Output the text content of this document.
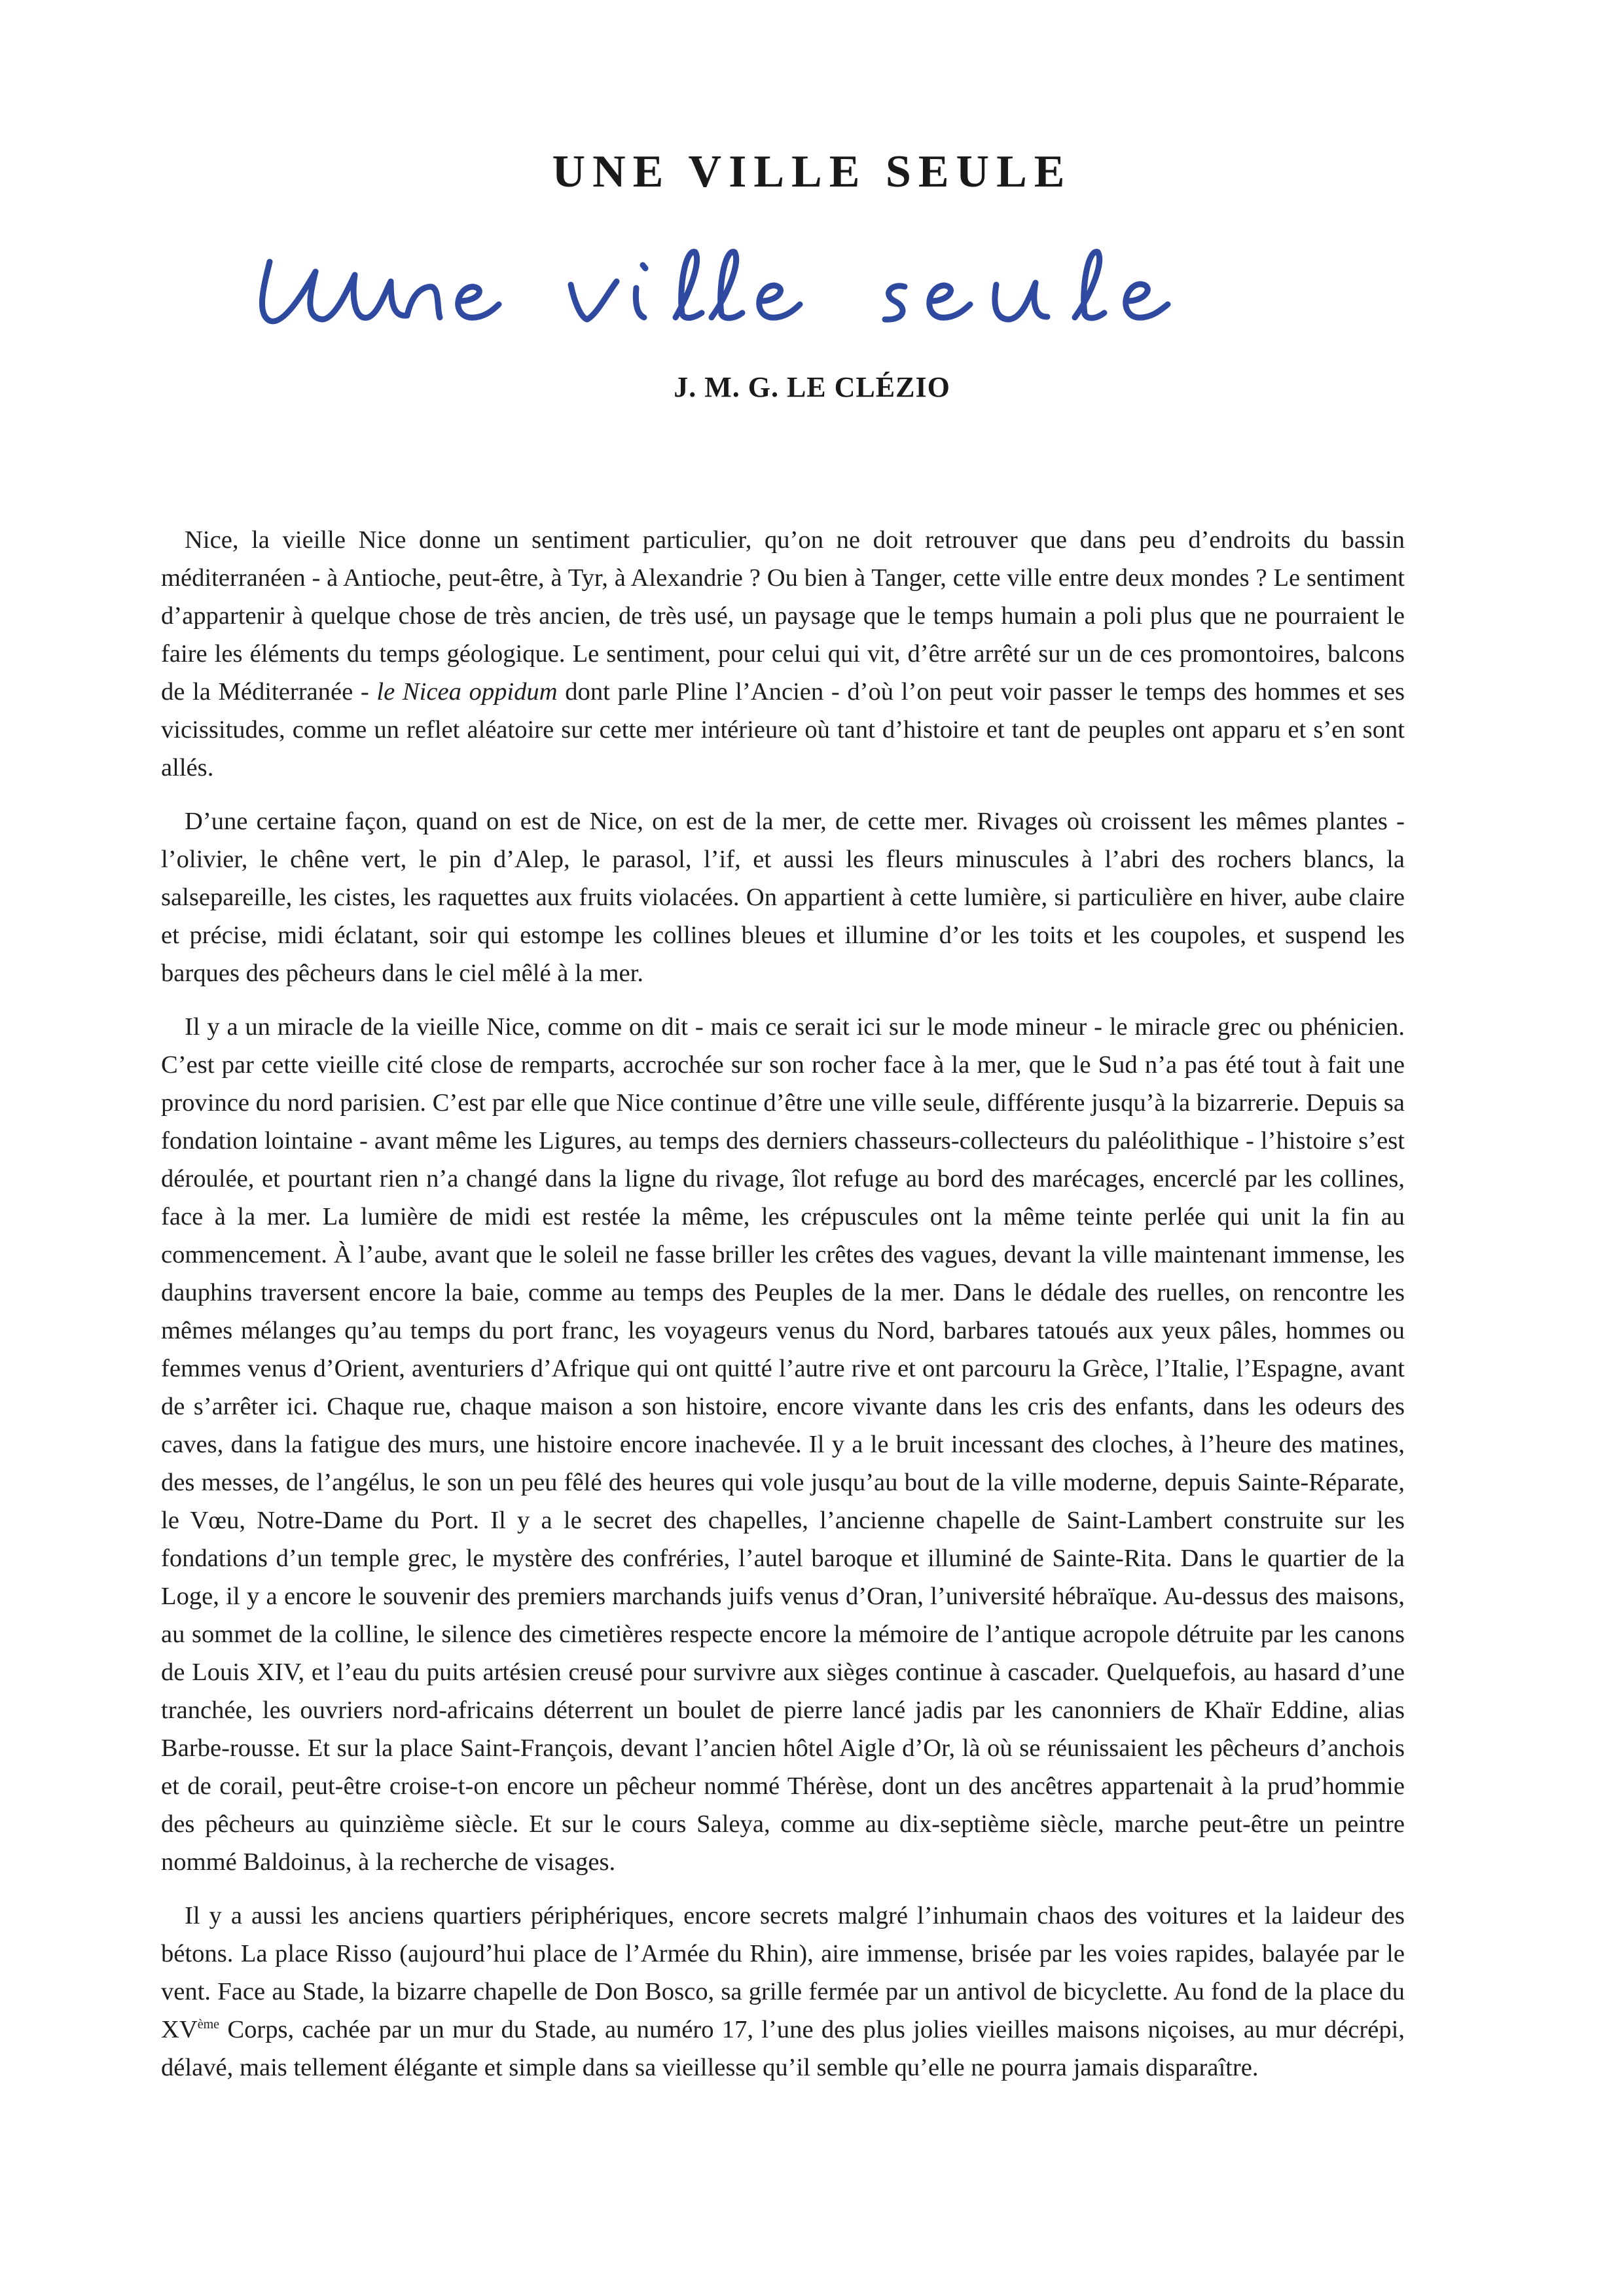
UNE VILLE SEULE
J. M. G. LE CLÉZIO

Nice, la vieille Nice donne un sentiment particulier, qu’on ne doit retrouver que dans peu d’endroits du bassin méditerranéen - à Antioche, peut-être, à Tyr, à Alexandrie ? Ou bien à Tanger, cette ville entre deux mondes ? Le sentiment d’appartenir à quelque chose de très ancien, de très usé, un paysage que le temps humain a poli plus que ne pourraient le faire les éléments du temps géologique. Le sentiment, pour celui qui vit, d’être arrêté sur un de ces promontoires, balcons de la Méditerranée - le Nicea oppidum dont parle Pline l’Ancien - d’où l’on peut voir passer le temps des hommes et ses vicissitudes, comme un reflet aléatoire sur cette mer intérieure où tant d’histoire et tant de peuples ont apparu et s’en sont allés.

D’une certaine façon, quand on est de Nice, on est de la mer, de cette mer. Rivages où croissent les mêmes plantes - l’olivier, le chêne vert, le pin d’Alep, le parasol, l’if, et aussi les fleurs minuscules à l’abri des rochers blancs, la salsepareille, les cistes, les raquettes aux fruits violacées. On appartient à cette lumière, si particulière en hiver, aube claire et précise, midi éclatant, soir qui estompe les collines bleues et illumine d’or les toits et les coupoles, et suspend les barques des pêcheurs dans le ciel mêlé à la mer.

Il y a un miracle de la vieille Nice, comme on dit - mais ce serait ici sur le mode mineur - le miracle grec ou phénicien. C’est par cette vieille cité close de remparts, accrochée sur son rocher face à la mer, que le Sud n’a pas été tout à fait une province du nord parisien. C’est par elle que Nice continue d’être une ville seule, différente jusqu’à la bizarrerie. Depuis sa fondation lointaine - avant même les Ligures, au temps des derniers chasseurs-collecteurs du paléolithique - l’histoire s’est déroulée, et pourtant rien n’a changé dans la ligne du rivage, îlot refuge au bord des marécages, encerclé par les collines, face à la mer. La lumière de midi est restée la même, les crépuscules ont la même teinte perlée qui unit la fin au commencement. À l’aube, avant que le soleil ne fasse briller les crêtes des vagues, devant la ville maintenant immense, les dauphins traversent encore la baie, comme au temps des Peuples de la mer. Dans le dédale des ruelles, on rencontre les mêmes mélanges qu’au temps du port franc, les voyageurs venus du Nord, barbares tatoués aux yeux pâles, hommes ou femmes venus d’Orient, aventuriers d’Afrique qui ont quitté l’autre rive et ont parcouru la Grèce, l’Italie, l’Espagne, avant de s’arrêter ici. Chaque rue, chaque maison a son histoire, encore vivante dans les cris des enfants, dans les odeurs des caves, dans la fatigue des murs, une histoire encore inachevée. Il y a le bruit incessant des cloches, à l’heure des matines, des messes, de l’angélus, le son un peu fêlé des heures qui vole jusqu’au bout de la ville moderne, depuis Sainte-Réparate, le Vœu, Notre-Dame du Port. Il y a le secret des chapelles, l’ancienne chapelle de Saint-Lambert construite sur les fondations d’un temple grec, le mystère des confréries, l’autel baroque et illuminé de Sainte-Rita. Dans le quartier de la Loge, il y a encore le souvenir des premiers marchands juifs venus d’Oran, l’université hébraïque. Au-dessus des maisons, au sommet de la colline, le silence des cimetières respecte encore la mémoire de l’antique acropole détruite par les canons de Louis XIV, et l’eau du puits artésien creusé pour survivre aux sièges continue à cascader. Quelquefois, au hasard d’une tranchée, les ouvriers nord-africains déterrent un boulet de pierre lancé jadis par les canonniers de Khaïr Eddine, alias Barbe-rousse. Et sur la place Saint-François, devant l’ancien hôtel Aigle d’Or, là où se réunissaient les pêcheurs d’anchois et de corail, peut-être croise-t-on encore un pêcheur nommé Thérèse, dont un des ancêtres appartenait à la prud’hommie des pêcheurs au quinzième siècle. Et sur le cours Saleya, comme au dix-septième siècle, marche peut-être un peintre nommé Baldoinus, à la recherche de visages.

Il y a aussi les anciens quartiers périphériques, encore secrets malgré l’inhumain chaos des voitures et la laideur des bétons. La place Risso (aujourd’hui place de l’Armée du Rhin), aire immense, brisée par les voies rapides, balayée par le vent. Face au Stade, la bizarre chapelle de Don Bosco, sa grille fermée par un antivol de bicyclette. Au fond de la place du XVème Corps, cachée par un mur du Stade, au numéro 17, l’une des plus jolies vieilles maisons niçoises, au mur décrépi, délavé, mais tellement élégante et simple dans sa vieillesse qu’il semble qu’elle ne pourra jamais disparaître.
